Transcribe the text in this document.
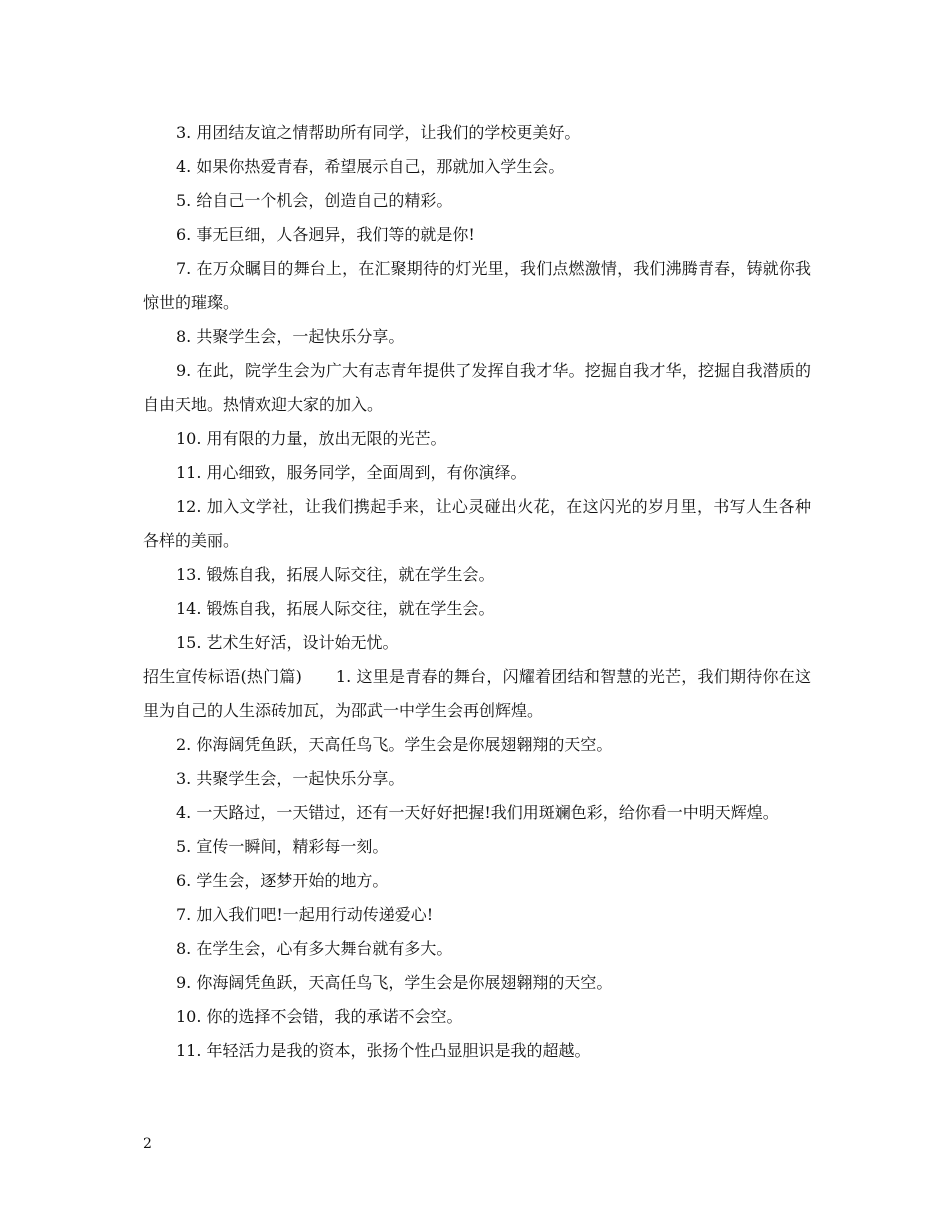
3. 用团结友谊之情帮助所有同学，让我们的学校更美好。

4. 如果你热爱青春，希望展示自己，那就加入学生会。

5. 给自己一个机会，创造自己的精彩。

6. 事无巨细，人各迥异，我们等的就是你!

7. 在万众瞩目的舞台上，在汇聚期待的灯光里，我们点燃激情，我们沸腾青春，铸就你我惊世的璀璨。

8. 共聚学生会，一起快乐分享。

9. 在此，院学生会为广大有志青年提供了发挥自我才华。挖掘自我才华，挖掘自我潜质的自由天地。热情欢迎大家的加入。

10. 用有限的力量，放出无限的光芒。

11. 用心细致，服务同学，全面周到，有你演绎。

12. 加入文学社，让我们携起手来，让心灵碰出火花，在这闪光的岁月里，书写人生各种各样的美丽。

13. 锻炼自我，拓展人际交往，就在学生会。

14. 锻炼自我，拓展人际交往，就在学生会。

15. 艺术生好活，设计始无忧。

招生宣传标语(热门篇) 1. 这里是青春的舞台，闪耀着团结和智慧的光芒，我们期待你在这里为自己的人生添砖加瓦，为邵武一中学生会再创辉煌。

2. 你海阔凭鱼跃，天高任鸟飞。学生会是你展翅翱翔的天空。

3. 共聚学生会，一起快乐分享。

4. 一天路过，一天错过，还有一天好好把握!我们用斑斓色彩，给你看一中明天辉煌。

5. 宣传一瞬间，精彩每一刻。

6. 学生会，逐梦开始的地方。

7. 加入我们吧!一起用行动传递爱心!

8. 在学生会，心有多大舞台就有多大。

9. 你海阔凭鱼跃，天高任鸟飞，学生会是你展翅翱翔的天空。

10. 你的选择不会错，我的承诺不会空。

11. 年轻活力是我的资本，张扬个性凸显胆识是我的超越。

2
